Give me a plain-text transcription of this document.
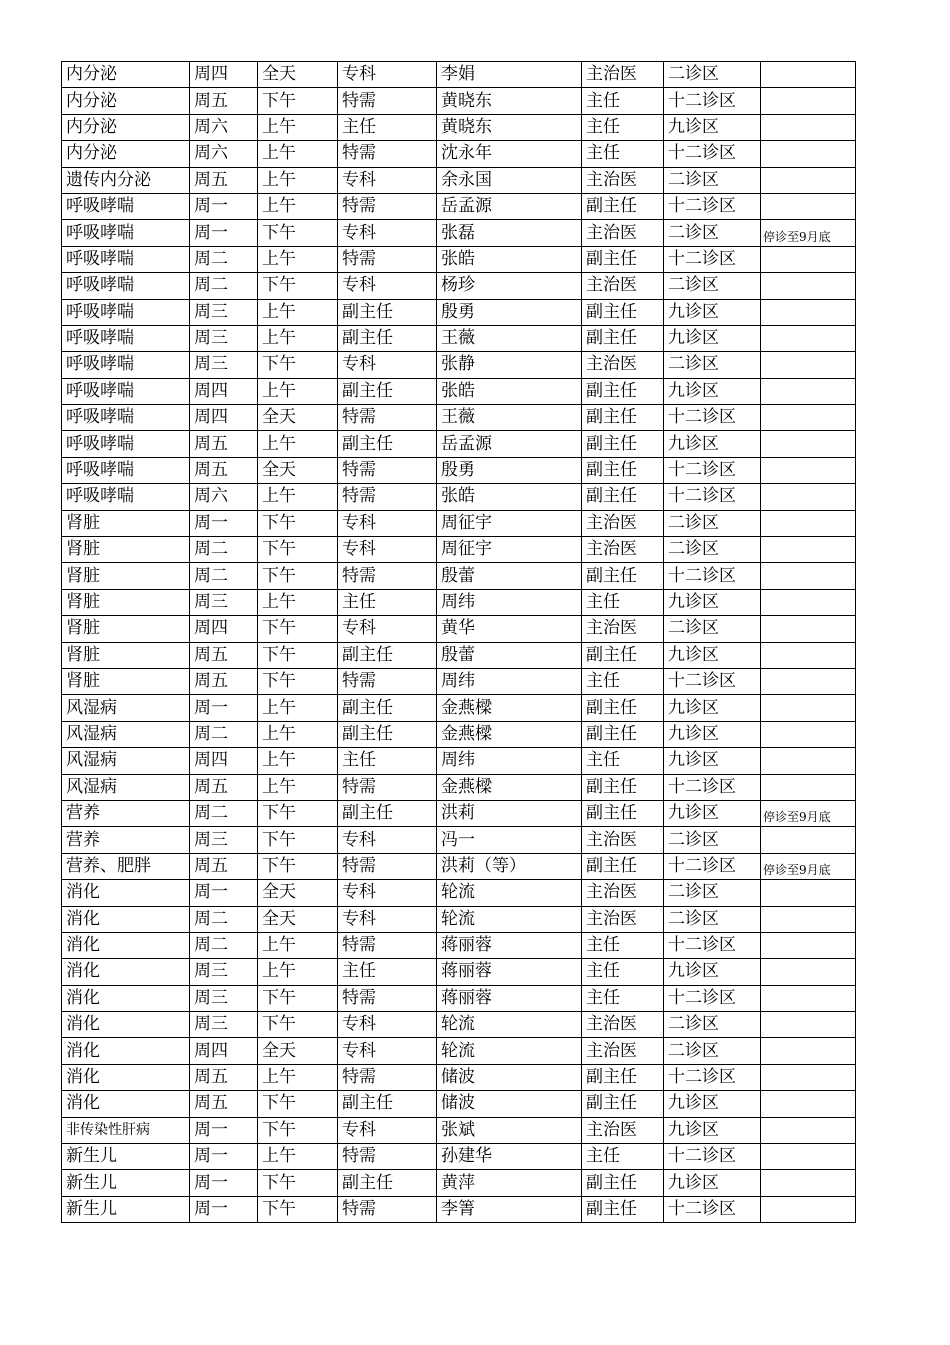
内分泌	周四	全天	专科	李娟	主治医	二诊区	
内分泌	周五	下午	特需	黄晓东	主任	十二诊区	
内分泌	周六	上午	主任	黄晓东	主任	九诊区	
内分泌	周六	上午	特需	沈永年	主任	十二诊区	
遗传内分泌	周五	上午	专科	余永国	主治医	二诊区	
呼吸哮喘	周一	上午	特需	岳孟源	副主任	十二诊区	
呼吸哮喘	周一	下午	专科	张磊	主治医	二诊区	停诊至9月底
呼吸哮喘	周二	上午	特需	张皓	副主任	十二诊区	
呼吸哮喘	周二	下午	专科	杨珍	主治医	二诊区	
呼吸哮喘	周三	上午	副主任	殷勇	副主任	九诊区	
呼吸哮喘	周三	上午	副主任	王薇	副主任	九诊区	
呼吸哮喘	周三	下午	专科	张静	主治医	二诊区	
呼吸哮喘	周四	上午	副主任	张皓	副主任	九诊区	
呼吸哮喘	周四	全天	特需	王薇	副主任	十二诊区	
呼吸哮喘	周五	上午	副主任	岳孟源	副主任	九诊区	
呼吸哮喘	周五	全天	特需	殷勇	副主任	十二诊区	
呼吸哮喘	周六	上午	特需	张皓	副主任	十二诊区	
肾脏	周一	下午	专科	周征宇	主治医	二诊区	
肾脏	周二	下午	专科	周征宇	主治医	二诊区	
肾脏	周二	下午	特需	殷蕾	副主任	十二诊区	
肾脏	周三	上午	主任	周纬	主任	九诊区	
肾脏	周四	下午	专科	黄华	主治医	二诊区	
肾脏	周五	下午	副主任	殷蕾	副主任	九诊区	
肾脏	周五	下午	特需	周纬	主任	十二诊区	
风湿病	周一	上午	副主任	金燕樑	副主任	九诊区	
风湿病	周二	上午	副主任	金燕樑	副主任	九诊区	
风湿病	周四	上午	主任	周纬	主任	九诊区	
风湿病	周五	上午	特需	金燕樑	副主任	十二诊区	
营养	周二	下午	副主任	洪莉	副主任	九诊区	停诊至9月底
营养	周三	下午	专科	冯一	主治医	二诊区	
营养、肥胖	周五	下午	特需	洪莉（等）	副主任	十二诊区	停诊至9月底
消化	周一	全天	专科	轮流	主治医	二诊区	
消化	周二	全天	专科	轮流	主治医	二诊区	
消化	周二	上午	特需	蒋丽蓉	主任	十二诊区	
消化	周三	上午	主任	蒋丽蓉	主任	九诊区	
消化	周三	下午	特需	蒋丽蓉	主任	十二诊区	
消化	周三	下午	专科	轮流	主治医	二诊区	
消化	周四	全天	专科	轮流	主治医	二诊区	
消化	周五	上午	特需	储波	副主任	十二诊区	
消化	周五	下午	副主任	储波	副主任	九诊区	
非传染性肝病	周一	下午	专科	张斌	主治医	九诊区	
新生儿	周一	上午	特需	孙建华	主任	十二诊区	
新生儿	周一	下午	副主任	黄萍	副主任	九诊区	
新生儿	周一	下午	特需	李箐	副主任	十二诊区	
